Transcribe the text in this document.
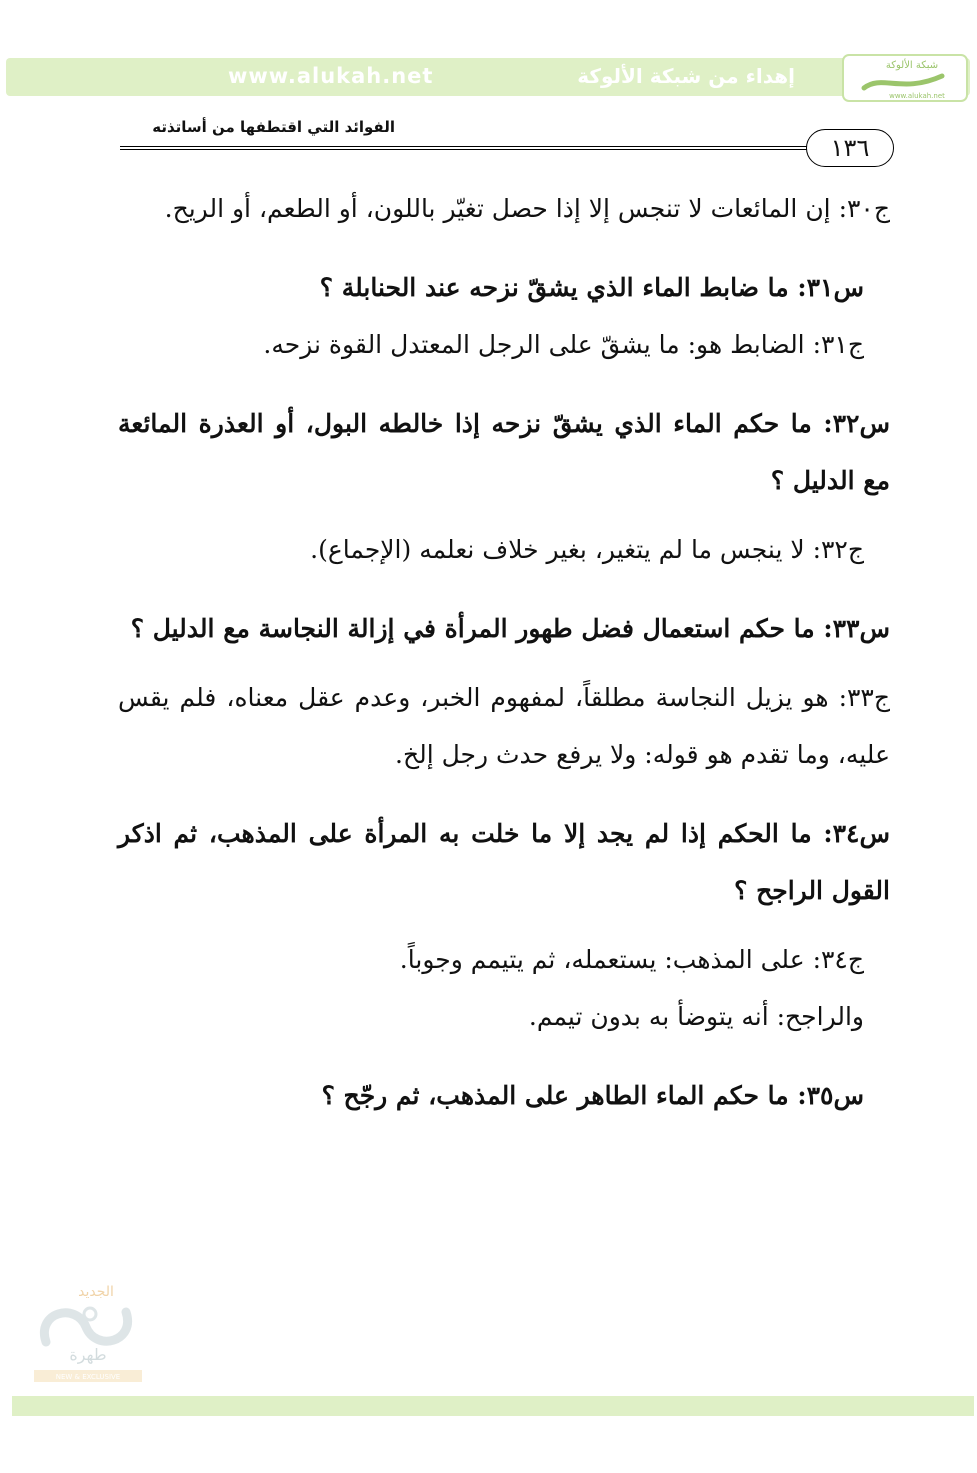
www.alukah.net	إهداء من شبكة الألوكة	شبكة الألوكة
www.alukah.net
الفوائد التي اقتطفها من أساتذته
١٣٦

ج٣٠: إن المائعات لا تنجس إلا إذا حصل تغيّر باللون، أو الطعم، أو الريح.

س٣١: ما ضابط الماء الذي يشقّ نزحه عند الحنابلة ؟

ج٣١: الضابط هو: ما يشقّ على الرجل المعتدل القوة نزحه.

س٣٢: ما حكم الماء الذي يشقّ نزحه إذا خالطه البول، أو العذرة المائعة مع الدليل ؟

ج٣٢: لا ينجس ما لم يتغير، بغير خلاف نعلمه (الإجماع).

س٣٣: ما حكم استعمال فضل طهور المرأة في إزالة النجاسة مع الدليل ؟

ج٣٣: هو يزيل النجاسة مطلقاً، لمفهوم الخبر، وعدم عقل معناه، فلم يقس عليه، وما تقدم هو قوله: ولا يرفع حدث رجل إلخ.

س٣٤: ما الحكم إذا لم يجد إلا ما خلت به المرأة على المذهب، ثم اذكر القول الراجح ؟

ج٣٤: على المذهب: يستعمله، ثم يتيمم وجوباً.

والراجح: أنه يتوضأ به بدون تيمم.

س٣٥: ما حكم الماء الطاهر على المذهب، ثم رجّح ؟

الجديد
طهرة
NEW & EXCLUSIVE
